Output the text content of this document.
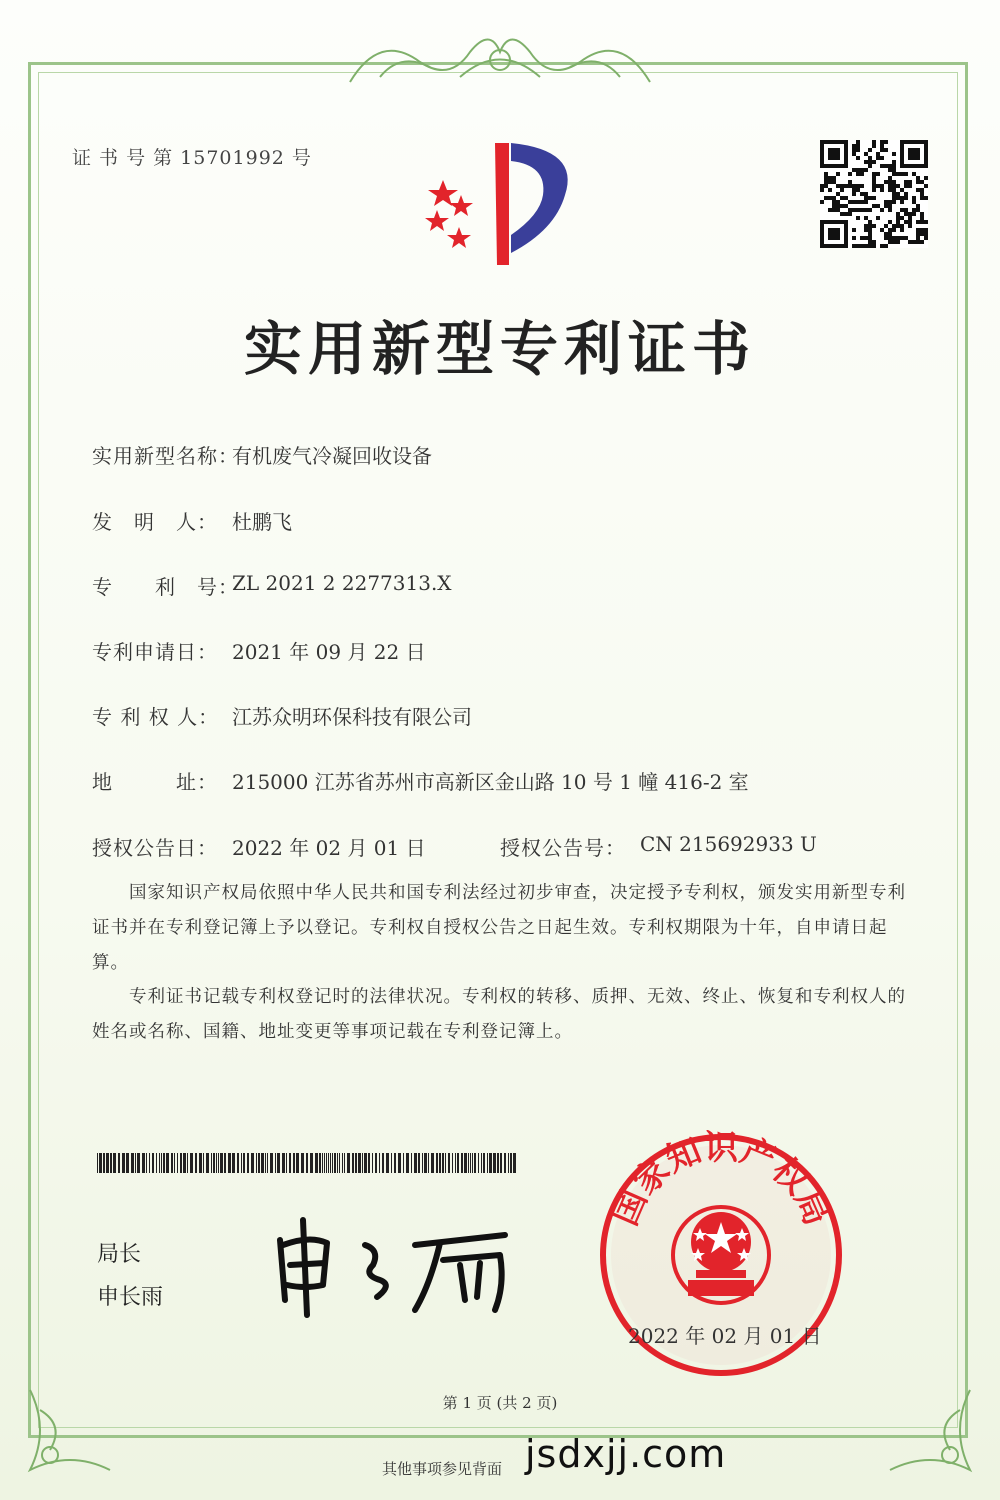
证 书 号 第 15701992 号
实用新型专利证书
实用新型名称：
有机废气冷凝回收设备
发　明　人： 杜鹏飞
专　　利　号：
ZL 2021 2 2277313.X
专利申请日： 2021 年 09 月 22 日
专 利 权 人： 江苏众明环保科技有限公司
地　　　址： 215000 江苏省苏州市高新区金山路 10 号 1 幢 416-2 室
授权公告日： 2022 年 02 月 01 日	授权公告号： CN 215692933 U
　　国家知识产权局依照中华人民共和国专利法经过初步审查，决定授予专利权，颁发实用新型专利证书并在专利登记簿上予以登记。专利权自授权公告之日起生效。专利权期限为十年，自申请日起算。
　　专利证书记载专利权登记时的法律状况。专利权的转移、质押、无效、终止、恢复和专利权人的姓名或名称、国籍、地址变更等事项记载在专利登记簿上。
局长
申长雨
国家知识产权局
2022 年 02 月 01 日
第 1 页 (共 2 页)
其他事项参见背面 jsdxjj.com
